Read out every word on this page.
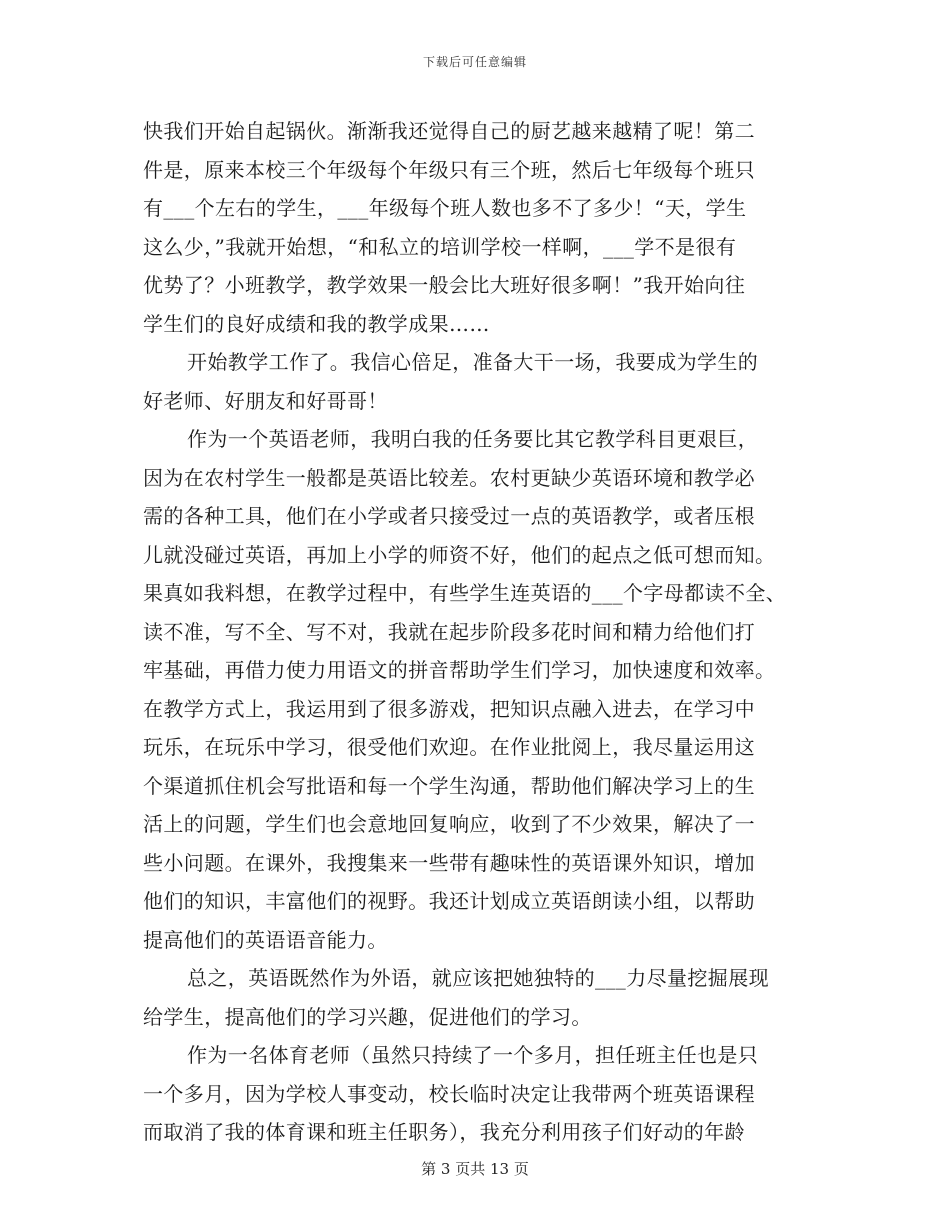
下载后可任意编辑
快我们开始自起锅伙。渐渐我还觉得自己的厨艺越来越精了呢！第二
件是，原来本校三个年级每个年级只有三个班，然后七年级每个班只
有___个左右的学生，___年级每个班人数也多不了多少！“天，学生
这么少，”我就开始想，“和私立的培训学校一样啊，___学不是很有
优势了？小班教学，教学效果一般会比大班好很多啊！”我开始向往
学生们的良好成绩和我的教学成果……
开始教学工作了。我信心倍足，准备大干一场，我要成为学生的
好老师、好朋友和好哥哥！
作为一个英语老师，我明白我的任务要比其它教学科目更艰巨，
因为在农村学生一般都是英语比较差。农村更缺少英语环境和教学必
需的各种工具，他们在小学或者只接受过一点的英语教学，或者压根
儿就没碰过英语，再加上小学的师资不好，他们的起点之低可想而知。
果真如我料想，在教学过程中，有些学生连英语的___个字母都读不全、
读不准，写不全、写不对，我就在起步阶段多花时间和精力给他们打
牢基础，再借力使力用语文的拼音帮助学生们学习，加快速度和效率。
在教学方式上，我运用到了很多游戏，把知识点融入进去，在学习中
玩乐，在玩乐中学习，很受他们欢迎。在作业批阅上，我尽量运用这
个渠道抓住机会写批语和每一个学生沟通，帮助他们解决学习上的生
活上的问题，学生们也会意地回复响应，收到了不少效果，解决了一
些小问题。在课外，我搜集来一些带有趣味性的英语课外知识，增加
他们的知识，丰富他们的视野。我还计划成立英语朗读小组，以帮助
提高他们的英语语音能力。
总之，英语既然作为外语，就应该把她独特的___力尽量挖掘展现
给学生，提高他们的学习兴趣，促进他们的学习。
作为一名体育老师（虽然只持续了一个多月，担任班主任也是只
一个多月，因为学校人事变动，校长临时决定让我带两个班英语课程
而取消了我的体育课和班主任职务），我充分利用孩子们好动的年龄
第 3 页共 13 页
